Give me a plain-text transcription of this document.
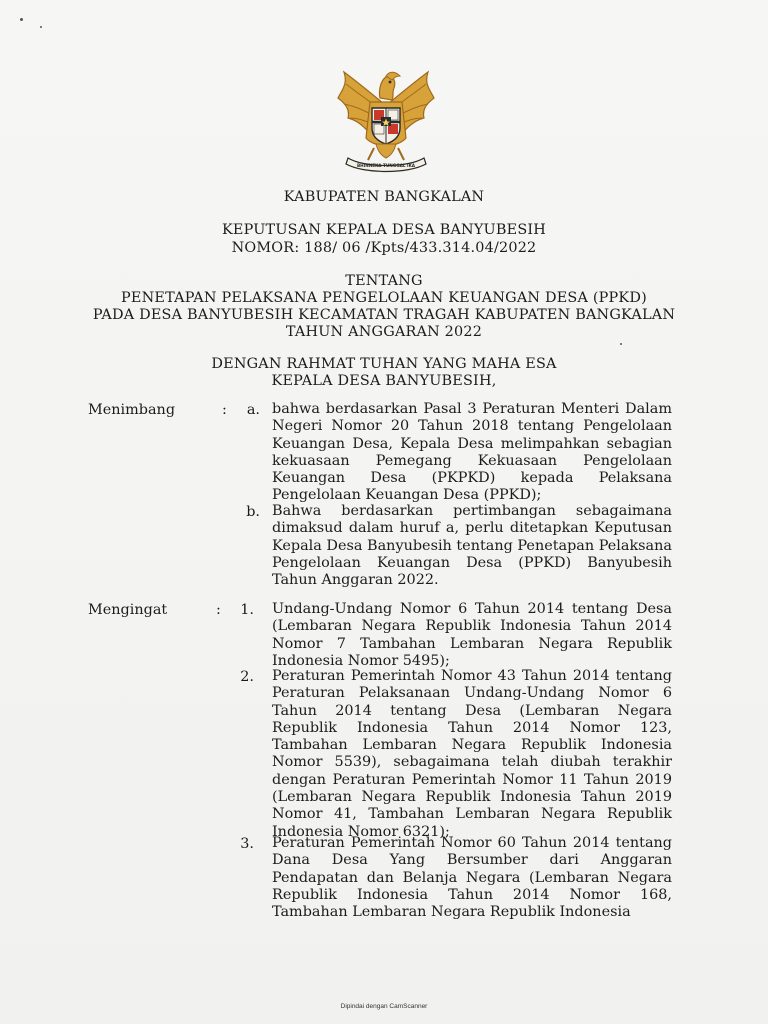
BHINNEKA TUNGGAL IKA
KABUPATEN BANGKALAN
KEPUTUSAN KEPALA DESA BANYUBESIH
NOMOR: 188/ 06 /Kpts/433.314.04/2022
TENTANG
PENETAPAN PELAKSANA PENGELOLAAN KEUANGAN DESA (PPKD)
PADA DESA BANYUBESIH KECAMATAN TRAGAH KABUPATEN BANGKALAN
TAHUN ANGGARAN 2022
DENGAN RAHMAT TUHAN YANG MAHA ESA
KEPALA DESA BANYUBESIH,
Menimbang	:	a. bahwa berdasarkan Pasal 3 Peraturan Menteri Dalam Negeri Nomor 20 Tahun 2018 tentang Pengelolaan Keuangan Desa, Kepala Desa melimpahkan sebagian kekuasaan Pemegang Kekuasaan Pengelolaan Keuangan Desa (PKPKD) kepada Pelaksana Pengelolaan Keuangan Desa (PPKD);
b. Bahwa berdasarkan pertimbangan sebagaimana dimaksud dalam huruf a, perlu ditetapkan Keputusan Kepala Desa Banyubesih tentang Penetapan Pelaksana Pengelolaan Keuangan Desa (PPKD) Banyubesih Tahun Anggaran 2022.
Mengingat	:	1. Undang-Undang Nomor 6 Tahun 2014 tentang Desa (Lembaran Negara Republik Indonesia Tahun 2014 Nomor 7 Tambahan Lembaran Negara Republik Indonesia Nomor 5495);
2. Peraturan Pemerintah Nomor 43 Tahun 2014 tentang Peraturan Pelaksanaan Undang-Undang Nomor 6 Tahun 2014 tentang Desa (Lembaran Negara Republik Indonesia Tahun 2014 Nomor 123, Tambahan Lembaran Negara Republik Indonesia Nomor 5539), sebagaimana telah diubah terakhir dengan Peraturan Pemerintah Nomor 11 Tahun 2019 (Lembaran Negara Republik Indonesia Tahun 2019 Nomor 41, Tambahan Lembaran Negara Republik Indonesia Nomor 6321);
3. Peraturan Pemerintah Nomor 60 Tahun 2014 tentang Dana Desa Yang Bersumber dari Anggaran Pendapatan dan Belanja Negara (Lembaran Negara Republik Indonesia Tahun 2014 Nomor 168, Tambahan Lembaran Negara Republik Indonesia
Dipindai dengan CamScanner
